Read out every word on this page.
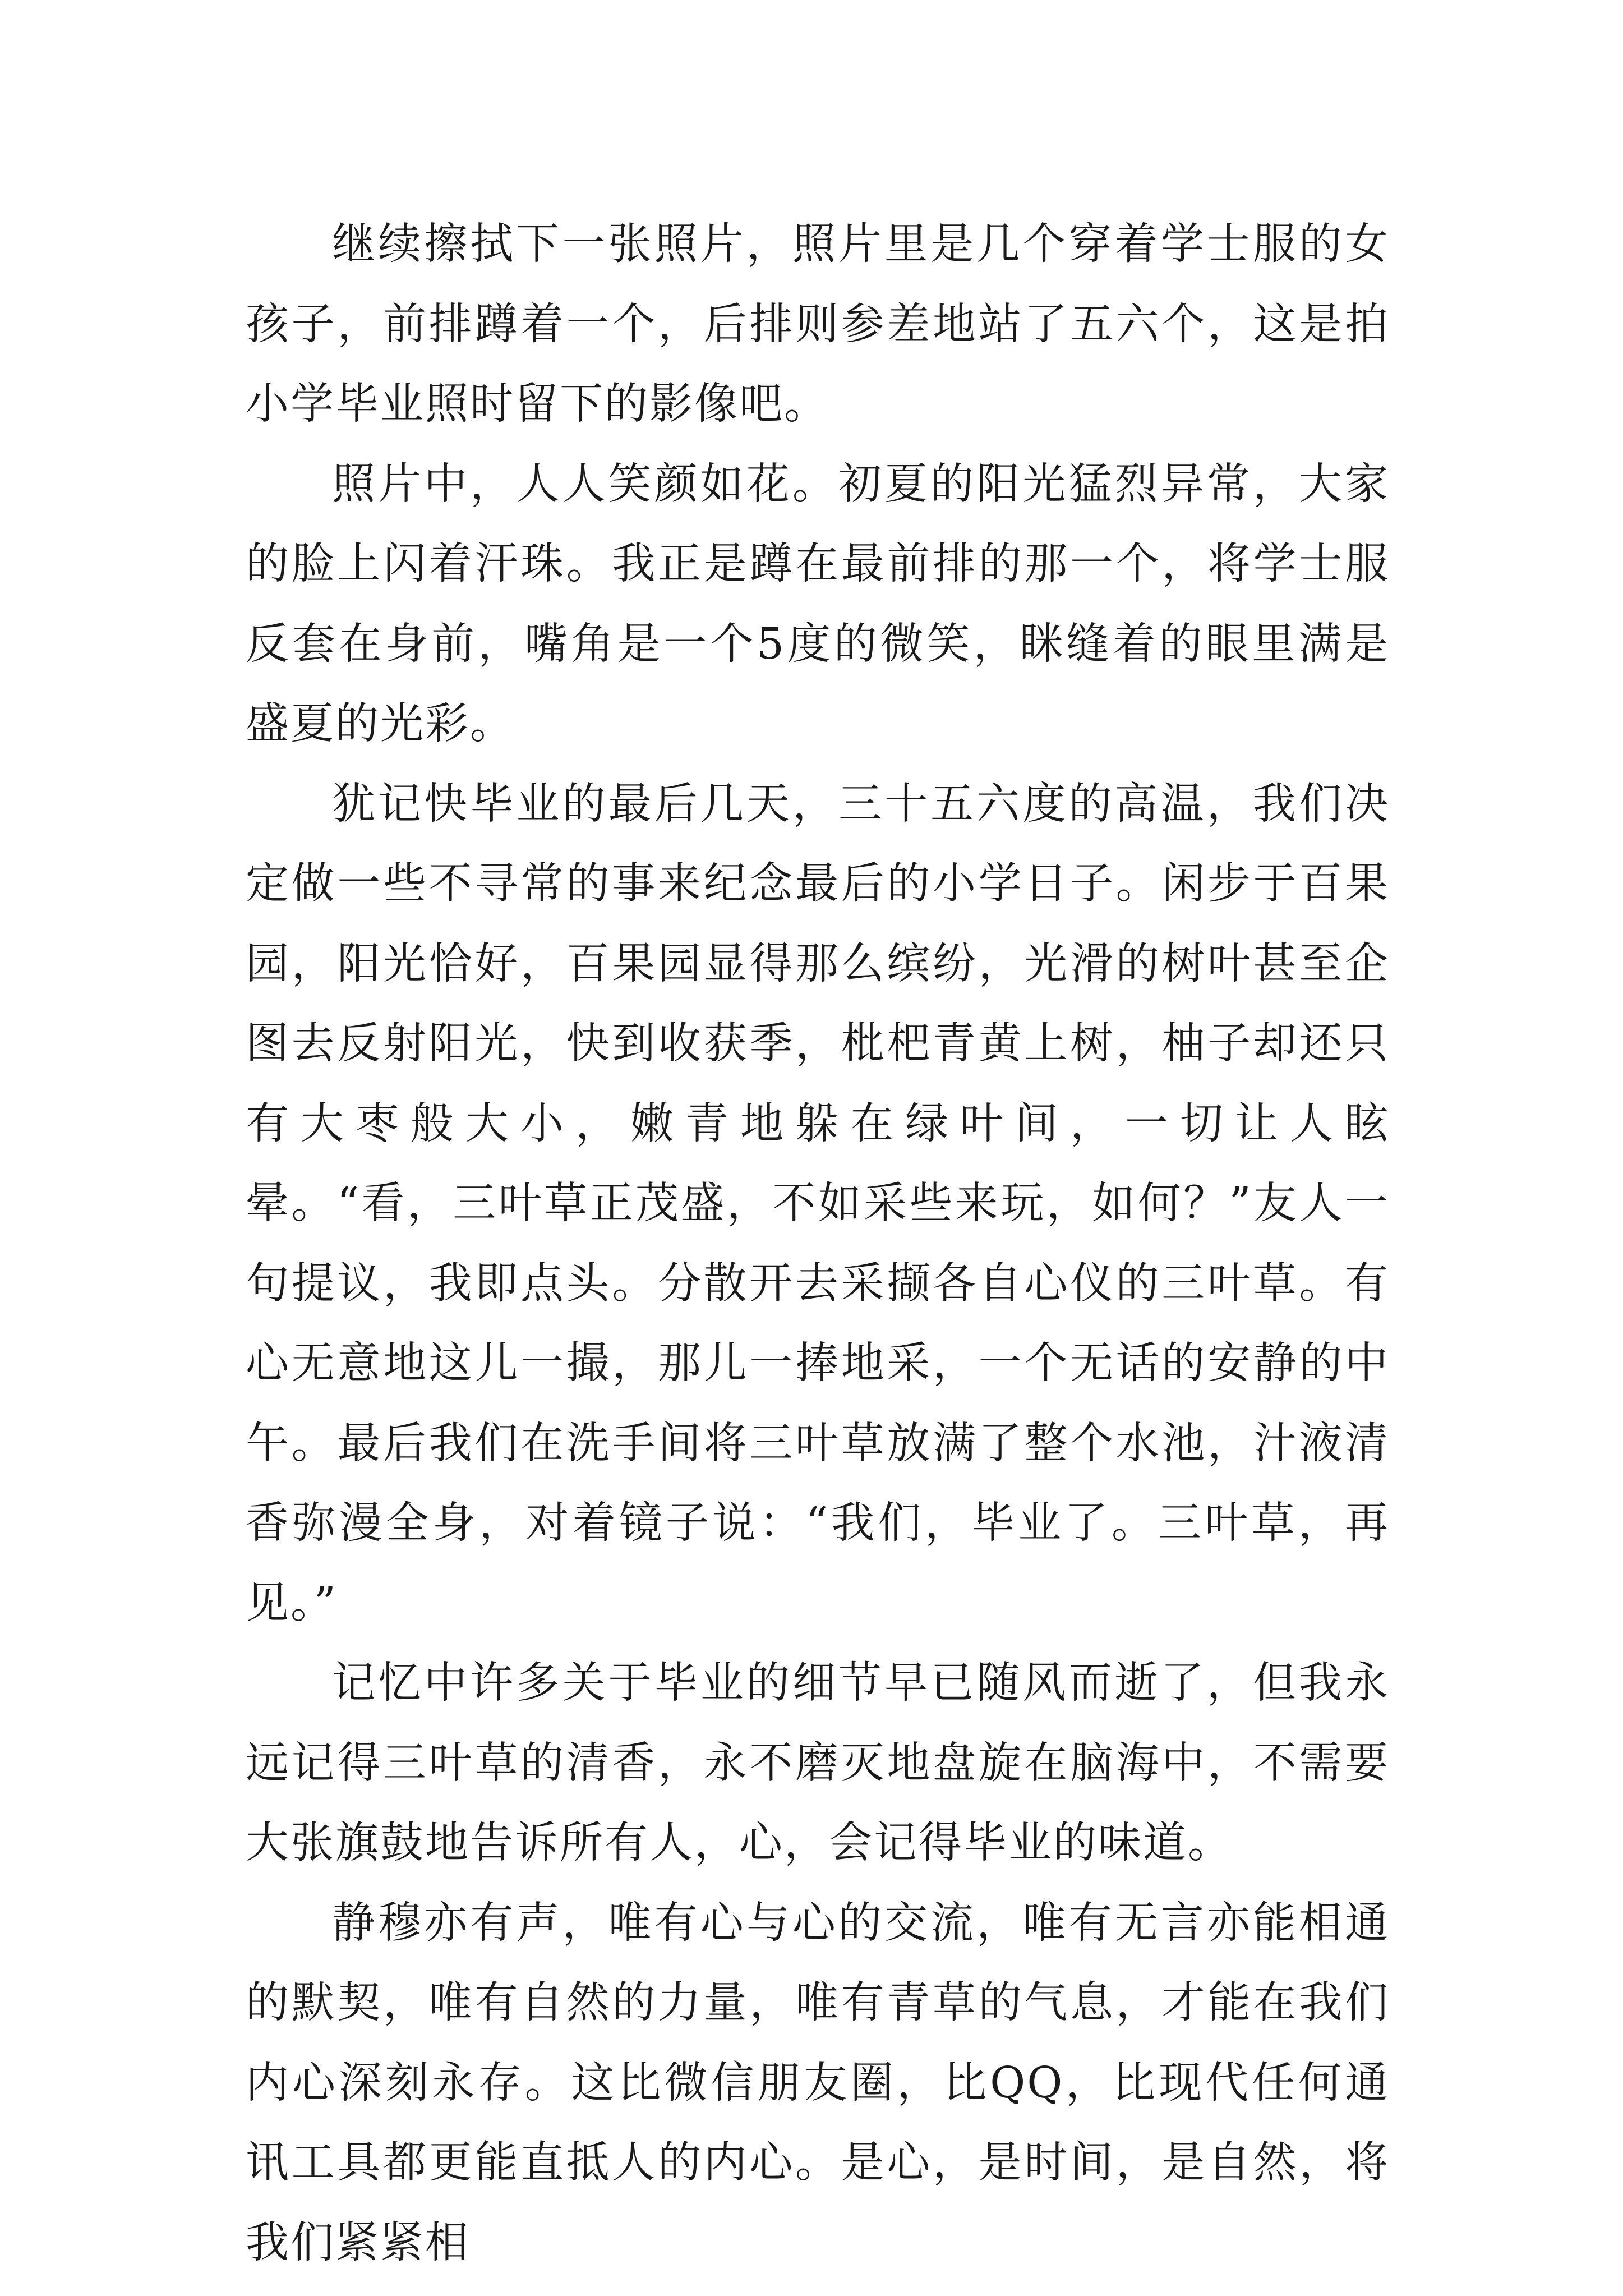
继续擦拭下一张照片，照片里是几个穿着学士服的女孩子，前排蹲着一个，后排则参差地站了五六个，这是拍小学毕业照时留下的影像吧。

照片中，人人笑颜如花。初夏的阳光猛烈异常，大家的脸上闪着汗珠。我正是蹲在最前排的那一个，将学士服反套在身前，嘴角是一个5度的微笑，眯缝着的眼里满是盛夏的光彩。

犹记快毕业的最后几天，三十五六度的高温，我们决定做一些不寻常的事来纪念最后的小学日子。闲步于百果园，阳光恰好，百果园显得那么缤纷，光滑的树叶甚至企图去反射阳光，快到收获季，枇杷青黄上树，柚子却还只有大枣般大小，嫩青地躲在绿叶间，一切让人眩晕。“看，三叶草正茂盛，不如采些来玩，如何？”友人一句提议，我即点头。分散开去采撷各自心仪的三叶草。有心无意地这儿一撮，那儿一捧地采，一个无话的安静的中午。最后我们在洗手间将三叶草放满了整个水池，汁液清香弥漫全身，对着镜子说：“我们，毕业了。三叶草，再见。”

记忆中许多关于毕业的细节早已随风而逝了，但我永远记得三叶草的清香，永不磨灭地盘旋在脑海中，不需要大张旗鼓地告诉所有人，心，会记得毕业的味道。

静穆亦有声，唯有心与心的交流，唯有无言亦能相通的默契，唯有自然的力量，唯有青草的气息，才能在我们内心深刻永存。这比微信朋友圈，比QQ，比现代任何通讯工具都更能直抵人的内心。是心，是时间，是自然，将我们紧紧相
